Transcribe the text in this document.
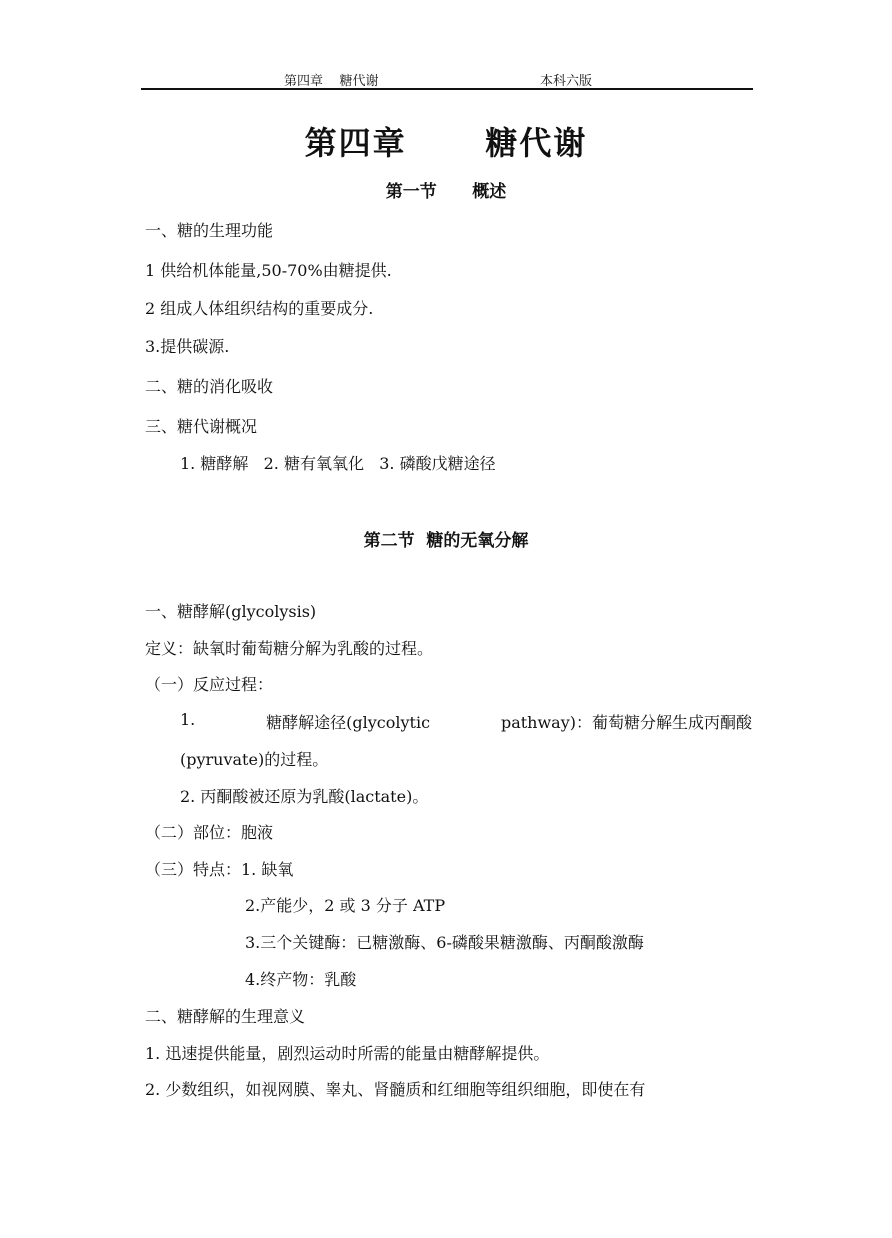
第四章    糖代谢	本科六版
第四章      糖代谢
第一节      概述
一、糖的生理功能
1 供给机体能量,50-70%由糖提供.
2 组成人体组织结构的重要成分.
3.提供碳源.
二、糖的消化吸收
三、糖代谢概况
1. 糖酵解   2. 糖有氧氧化   3. 磷酸戊糖途径
第二节  糖的无氧分解
一、糖酵解(glycolysis)
定义：缺氧时葡萄糖分解为乳酸的过程。
（一）反应过程：
1.	糖酵解途径(glycolytic	pathway)：葡萄糖分解生成丙酮酸
(pyruvate)的过程。
2. 丙酮酸被还原为乳酸(lactate)。
（二）部位：胞液
（三）特点：1. 缺氧
2.产能少，2 或 3 分子 ATP
3.三个关键酶：已糖激酶、6-磷酸果糖激酶、丙酮酸激酶
4.终产物：乳酸
二、糖酵解的生理意义
1. 迅速提供能量，剧烈运动时所需的能量由糖酵解提供。
2. 少数组织，如视网膜、睾丸、肾髓质和红细胞等组织细胞，即使在有
